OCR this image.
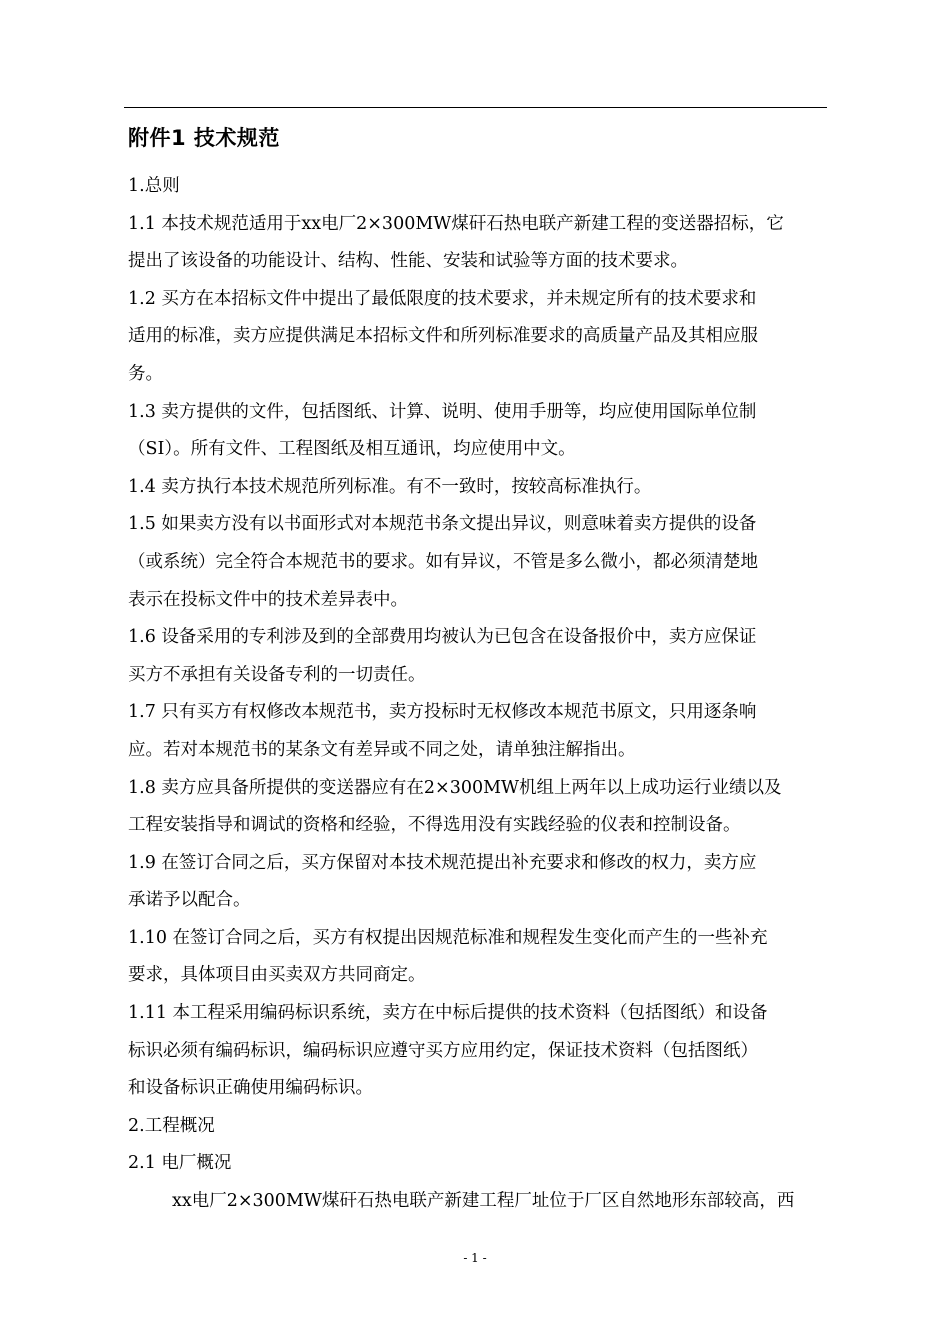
附件1 技术规范
1.总则
1.1 本技术规范适用于xx电厂2×300MW煤矸石热电联产新建工程的变送器招标，它
提出了该设备的功能设计、结构、性能、安装和试验等方面的技术要求。
1.2 买方在本招标文件中提出了最低限度的技术要求，并未规定所有的技术要求和
适用的标准，卖方应提供满足本招标文件和所列标准要求的高质量产品及其相应服
务。
1.3 卖方提供的文件，包括图纸、计算、说明、使用手册等，均应使用国际单位制
（SI）。所有文件、工程图纸及相互通讯，均应使用中文。
1.4 卖方执行本技术规范所列标准。有不一致时，按较高标准执行。
1.5 如果卖方没有以书面形式对本规范书条文提出异议，则意味着卖方提供的设备
（或系统）完全符合本规范书的要求。如有异议，不管是多么微小，都必须清楚地
表示在投标文件中的技术差异表中。
1.6 设备采用的专利涉及到的全部费用均被认为已包含在设备报价中，卖方应保证
买方不承担有关设备专利的一切责任。
1.7 只有买方有权修改本规范书，卖方投标时无权修改本规范书原文，只用逐条响
应。若对本规范书的某条文有差异或不同之处，请单独注解指出。
1.8 卖方应具备所提供的变送器应有在2×300MW机组上两年以上成功运行业绩以及
工程安装指导和调试的资格和经验，不得选用没有实践经验的仪表和控制设备。
1.9 在签订合同之后，买方保留对本技术规范提出补充要求和修改的权力，卖方应
承诺予以配合。
1.10 在签订合同之后，买方有权提出因规范标准和规程发生变化而产生的一些补充
要求，具体项目由买卖双方共同商定。
1.11 本工程采用编码标识系统，卖方在中标后提供的技术资料（包括图纸）和设备
标识必须有编码标识，编码标识应遵守买方应用约定，保证技术资料（包括图纸）
和设备标识正确使用编码标识。
2.工程概况
2.1 电厂概况
xx电厂2×300MW煤矸石热电联产新建工程厂址位于厂区自然地形东部较高，西
- 1 -
